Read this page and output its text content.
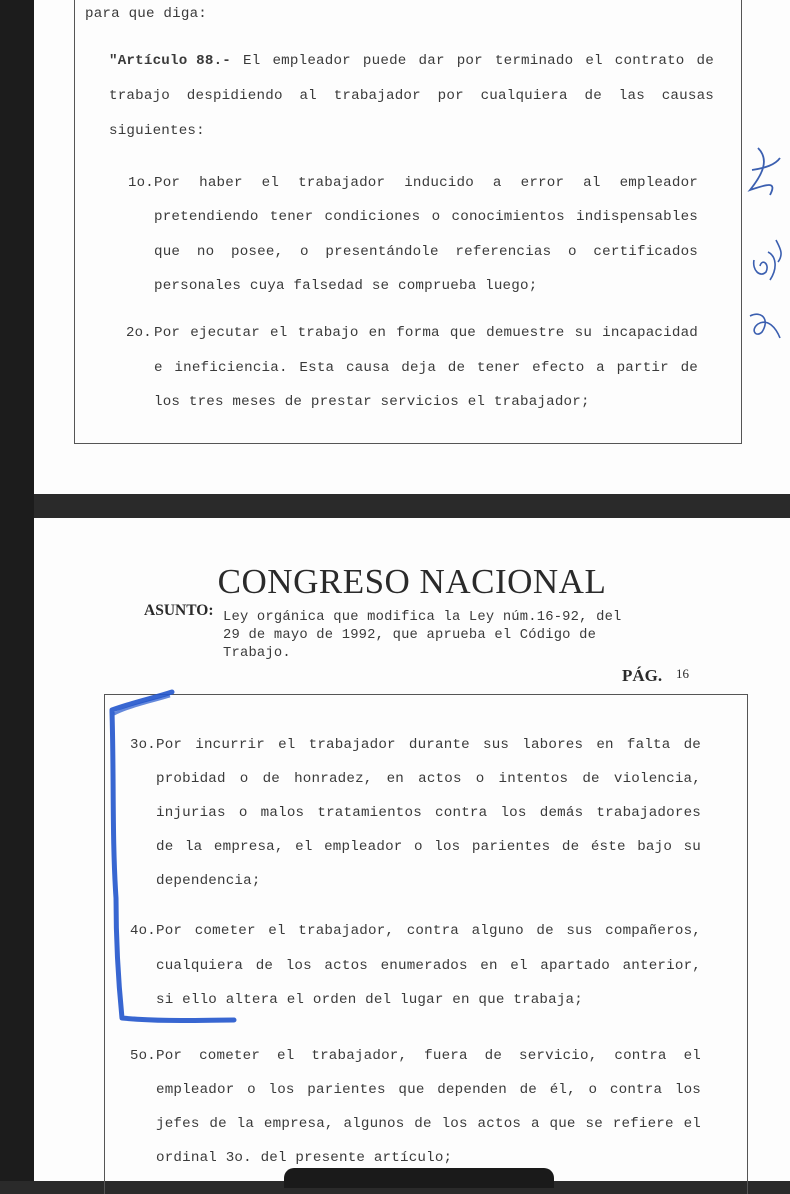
para que diga:
"Artículo 88.- El empleador puede dar por terminado el contrato de
trabajo despidiendo al trabajador por cualquiera de las causas
siguientes:
1o. Por haber el trabajador inducido a error al empleador
pretendiendo tener condiciones o conocimientos indispensables
que no posee, o presentándole referencias o certificados
personales cuya falsedad se comprueba luego;
2o. Por ejecutar el trabajo en forma que demuestre su incapacidad
e ineficiencia. Esta causa deja de tener efecto a partir de
los tres meses de prestar servicios el trabajador;
CONGRESO NACIONAL
ASUNTO: Ley orgánica que modifica la Ley núm.16-92, del
29 de mayo de 1992, que aprueba el Código de
Trabajo.
PÁG. 16
3o. Por incurrir el trabajador durante sus labores en falta de
probidad o de honradez, en actos o intentos de violencia,
injurias o malos tratamientos contra los demás trabajadores
de la empresa, el empleador o los parientes de éste bajo su
dependencia;
4o. Por cometer el trabajador, contra alguno de sus compañeros,
cualquiera de los actos enumerados en el apartado anterior,
si ello altera el orden del lugar en que trabaja;
5o. Por cometer el trabajador, fuera de servicio, contra el
empleador o los parientes que dependen de él, o contra los
jefes de la empresa, algunos de los actos a que se refiere el
ordinal 3o. del presente artículo;
